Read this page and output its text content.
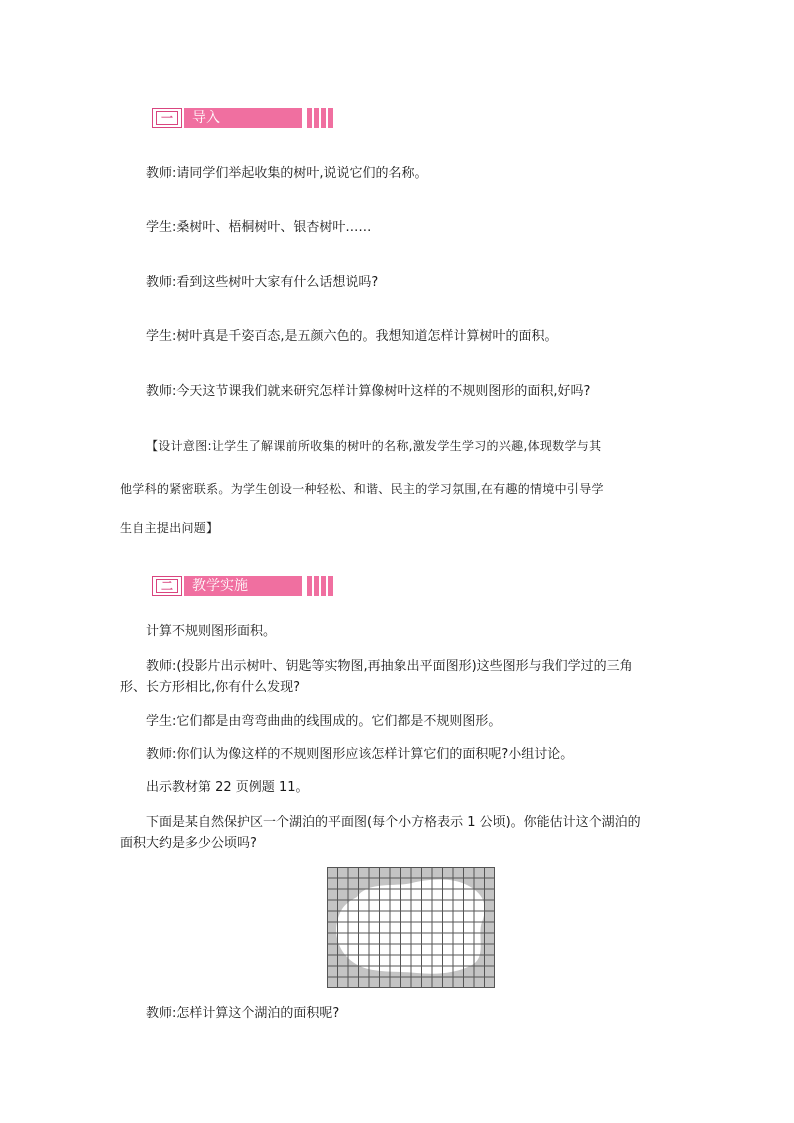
一	导入
教师:请同学们举起收集的树叶,说说它们的名称。
学生:桑树叶、梧桐树叶、银杏树叶……
教师:看到这些树叶大家有什么话想说吗?
学生:树叶真是千姿百态,是五颜六色的。我想知道怎样计算树叶的面积。
教师:今天这节课我们就来研究怎样计算像树叶这样的不规则图形的面积,好吗?
【设计意图:让学生了解课前所收集的树叶的名称,激发学生学习的兴趣,体现数学与其
他学科的紧密联系。为学生创设一种轻松、和谐、民主的学习氛围,在有趣的情境中引导学
生自主提出问题】
二	教学实施
计算不规则图形面积。
教师:(投影片出示树叶、钥匙等实物图,再抽象出平面图形)这些图形与我们学过的三角
形、长方形相比,你有什么发现?
学生:它们都是由弯弯曲曲的线围成的。它们都是不规则图形。
教师:你们认为像这样的不规则图形应该怎样计算它们的面积呢?小组讨论。
出示教材第 22 页例题 11。
下面是某自然保护区一个湖泊的平面图(每个小方格表示 1 公顷)。你能估计这个湖泊的
面积大约是多少公顷吗?
教师:怎样计算这个湖泊的面积呢?
